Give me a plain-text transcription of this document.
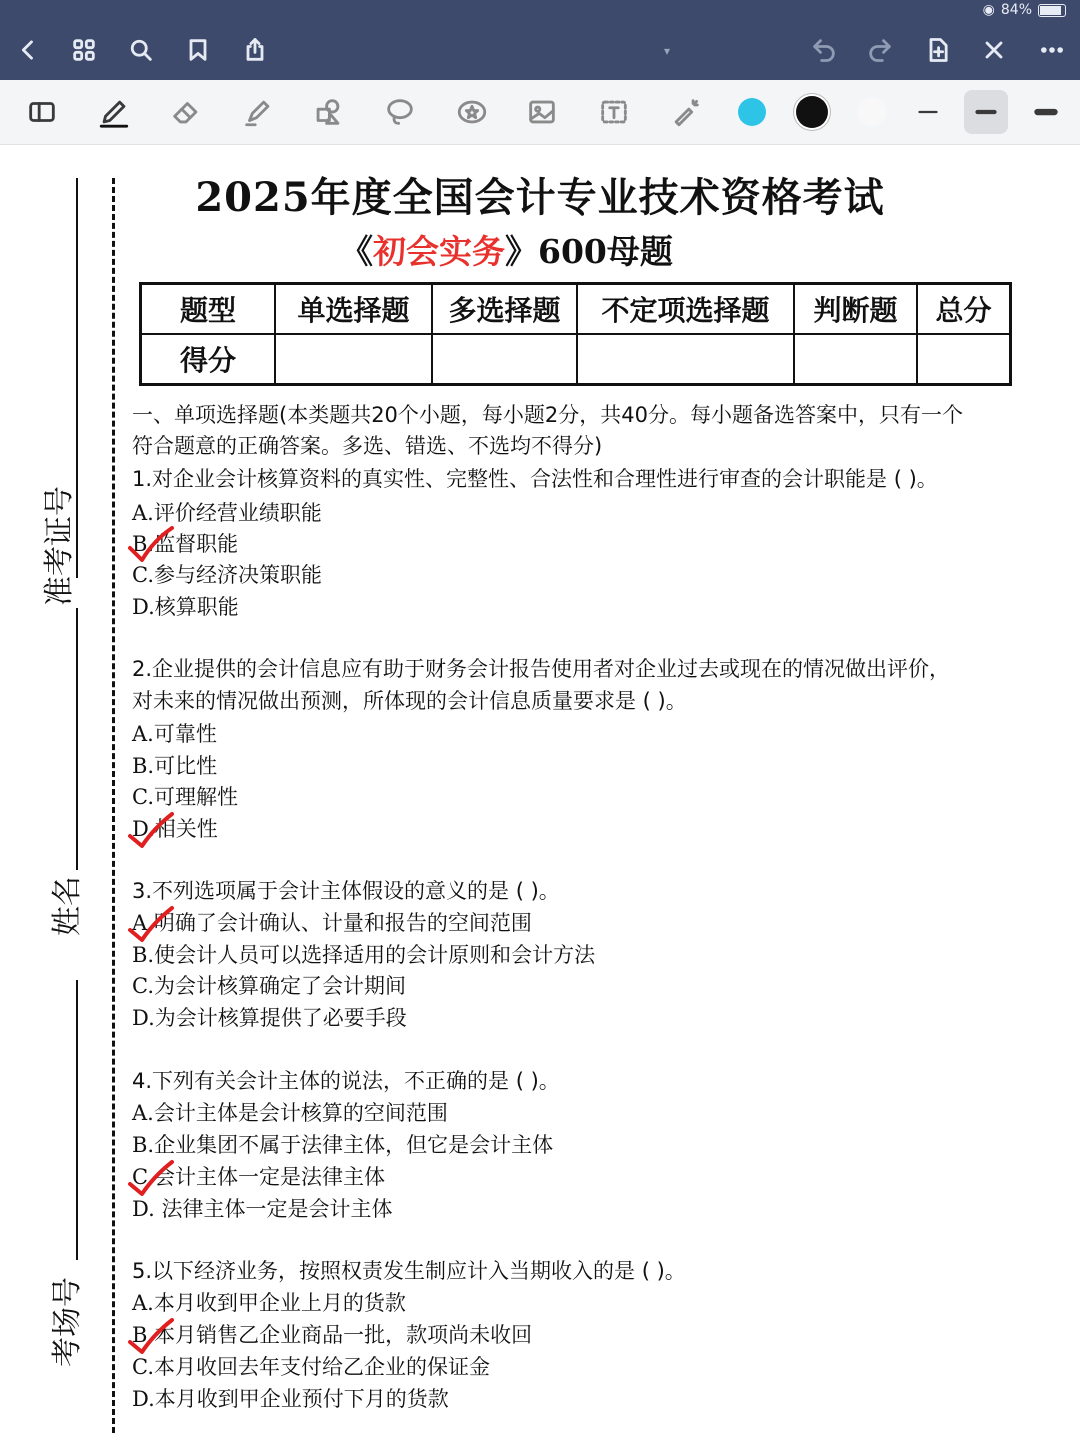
◉ 84%
▾
准考证号
姓名
考场号
2025年度全国会计专业技术资格考试
《初会实务》600母题
题型	单选择题	多选择题	不定项选择题	判断题	总分
得分					
一、单项选择题(本类题共20个小题，每小题2分，共40分。每小题备选答案中，只有一个
符合题意的正确答案。多选、错选、不选均不得分)
1.对企业会计核算资料的真实性、完整性、合法性和合理性进行审查的会计职能是 ( )。
A.评价经营业绩职能
B.监督职能
C.参与经济决策职能
D.核算职能
2.企业提供的会计信息应有助于财务会计报告使用者对企业过去或现在的情况做出评价，
对未来的情况做出预测，所体现的会计信息质量要求是 ( )。
A.可靠性
B.可比性
C.可理解性
D.相关性
3.不列选项属于会计主体假设的意义的是 ( )。
A.明确了会计确认、计量和报告的空间范围
B.使会计人员可以选择适用的会计原则和会计方法
C.为会计核算确定了会计期间
D.为会计核算提供了必要手段
4.下列有关会计主体的说法，不正确的是 ( )。
A.会计主体是会计核算的空间范围
B.企业集团不属于法律主体，但它是会计主体
C.会计主体一定是法律主体
D. 法律主体一定是会计主体
5.以下经济业务，按照权责发生制应计入当期收入的是 ( )。
A.本月收到甲企业上月的货款
B.本月销售乙企业商品一批，款项尚未收回
C.本月收回去年支付给乙企业的保证金
D.本月收到甲企业预付下月的货款
